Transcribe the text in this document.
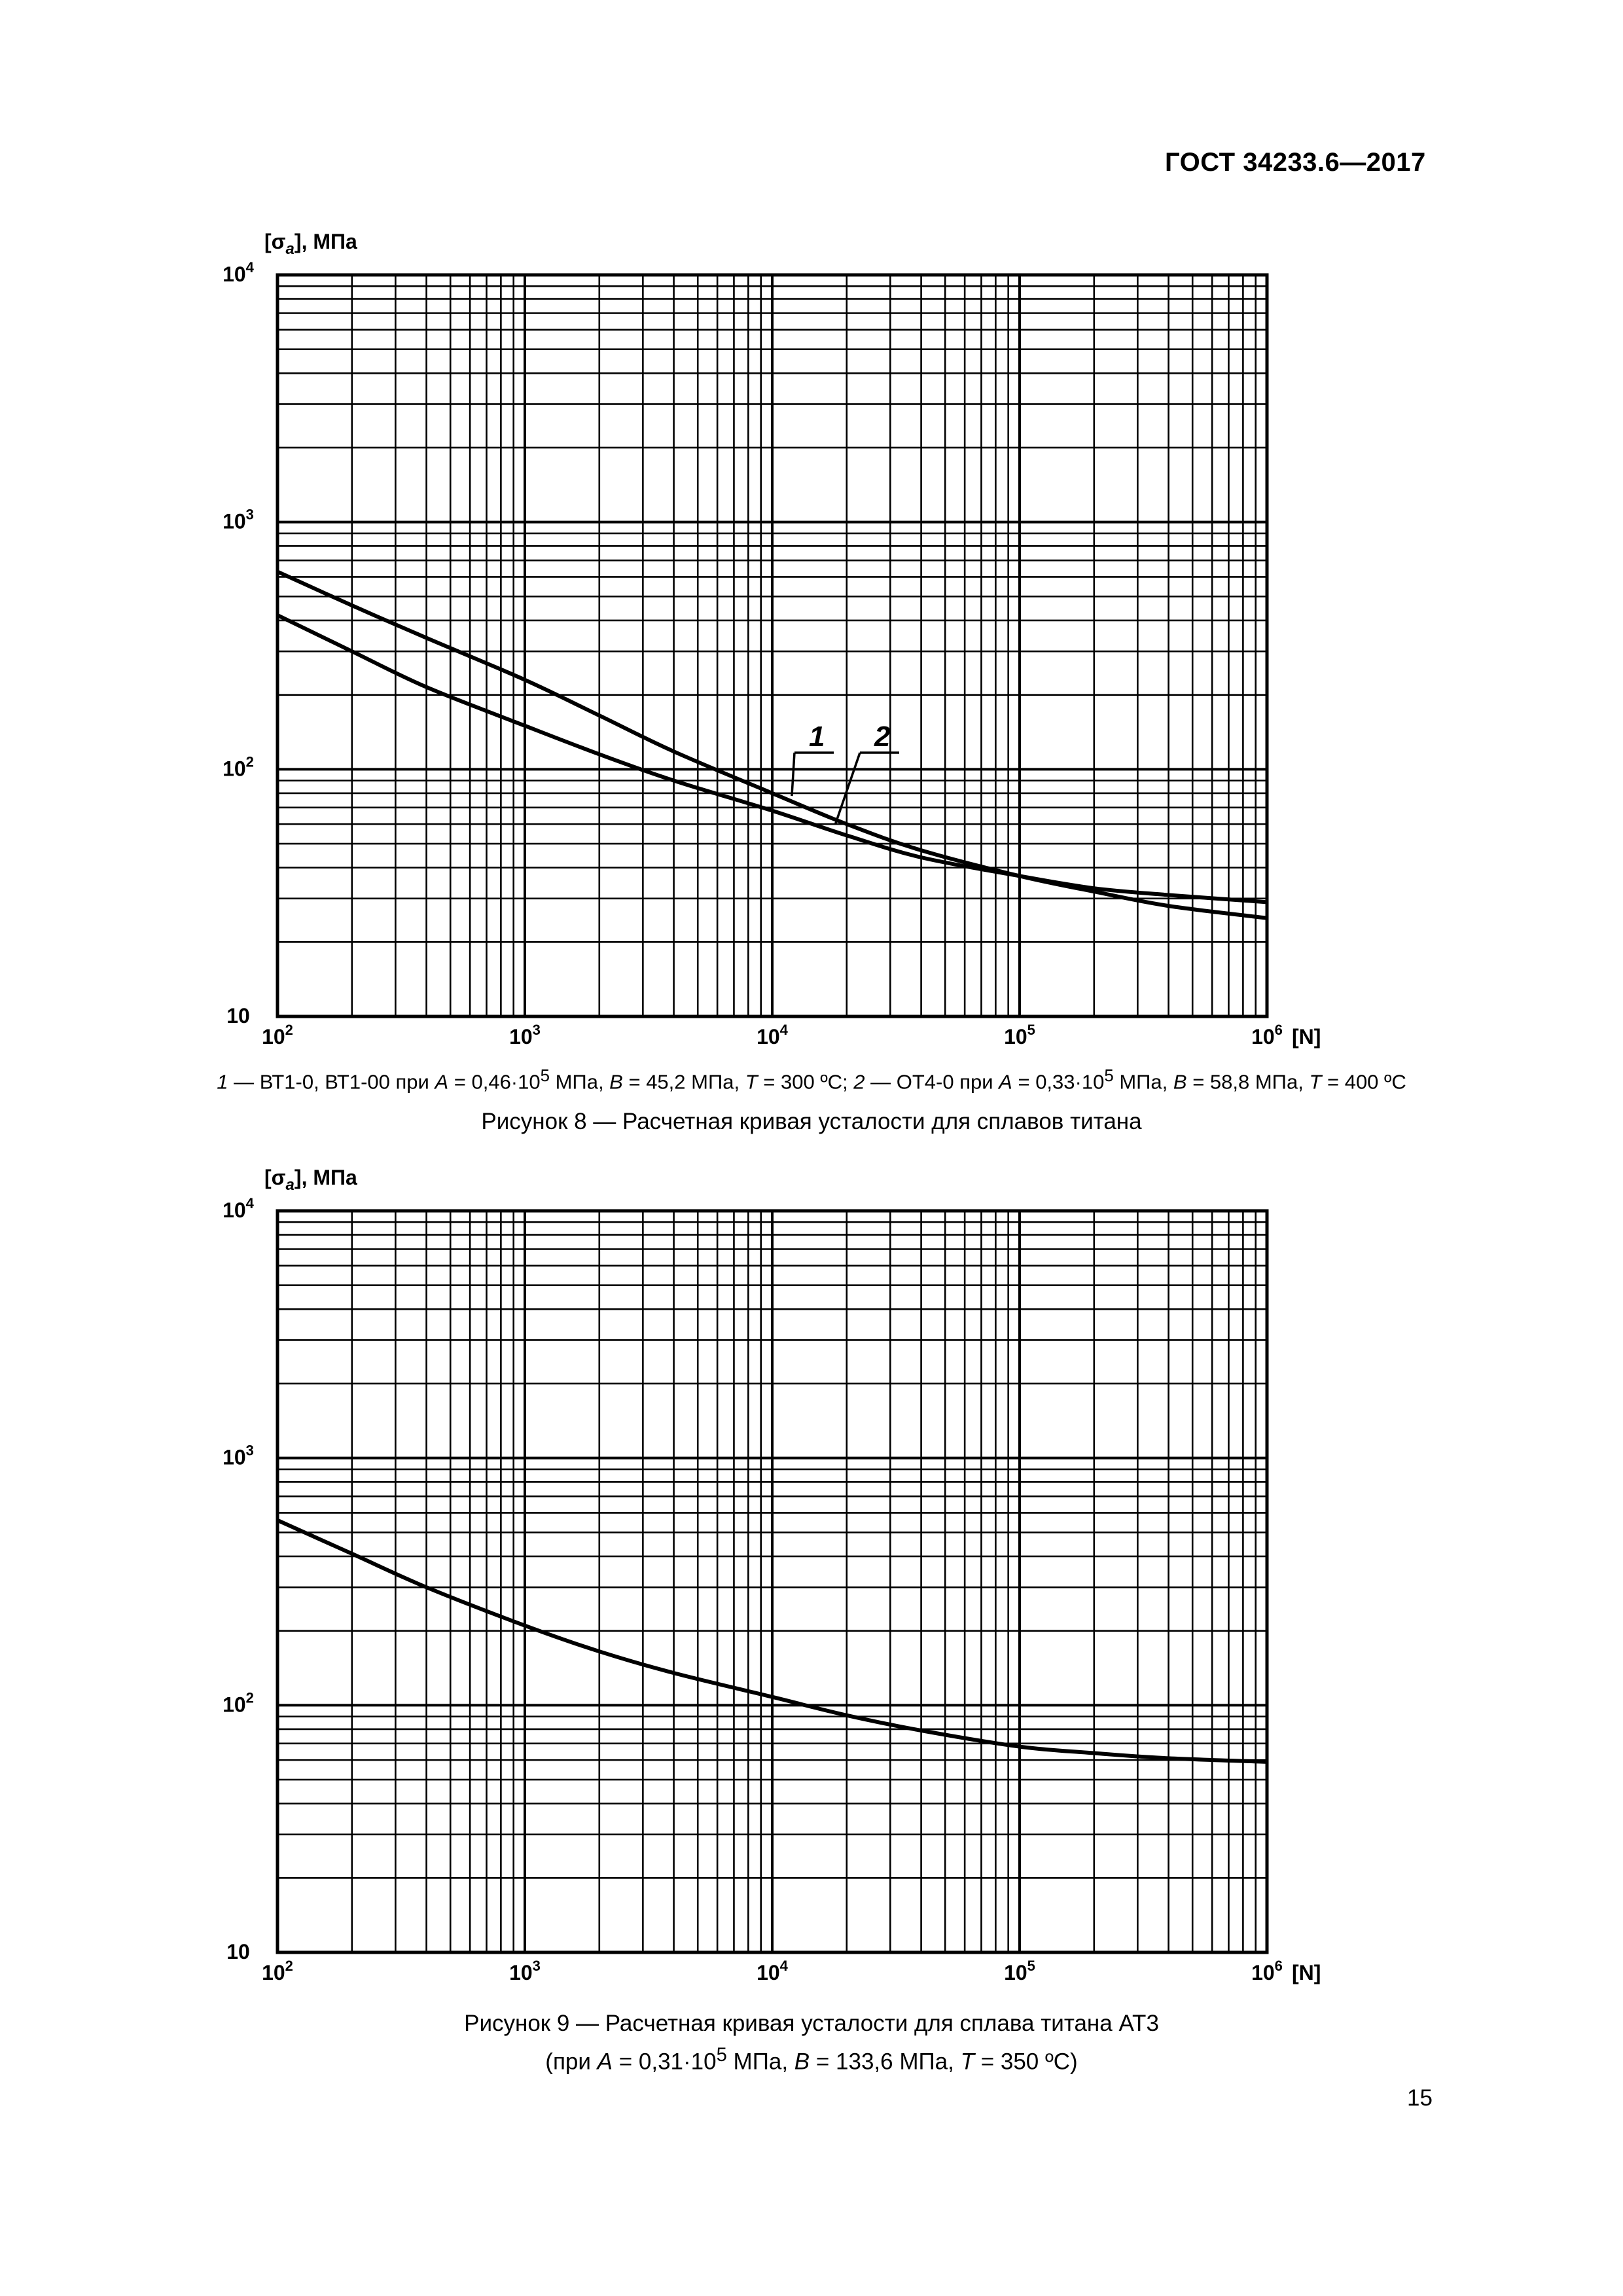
ГОСТ 34233.6—2017
$[\sigma_a]$, МПа
10
$10^2$
$10^3$
$10^4$
$10^2$	$10^3$	$10^4$	$10^5$	$10^6$ [N]
1 2
1 — ВТ1-0, ВТ1-00 при $A = 0,46\cdot 10^5$ МПа, B = 45,2 МПа, T = 300 ºС; 2 — ОТ4-0 при $A = 0,33\cdot 10^5$ МПа, B = 58,8 МПа, T = 400 ºС
Рисунок 8 — Расчетная кривая усталости для сплавов титана
$[\sigma_a]$, МПа
10
$10^2$
$10^3$
$10^4$
$10^2$	$10^3$	$10^4$	$10^5$	$10^6$ [N]
Рисунок 9 — Расчетная кривая усталости для сплава титана АТ3
(при $A = 0,31\cdot 10^5$ МПа, B = 133,6 МПа, T = 350 ºС)
15
